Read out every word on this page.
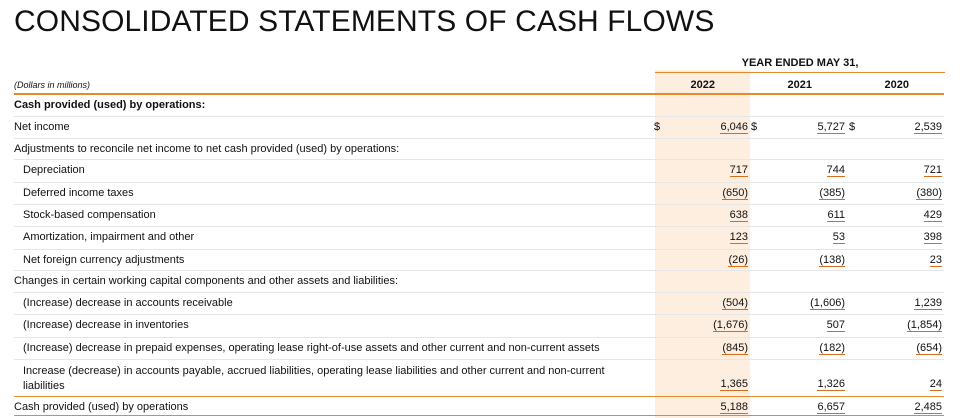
CONSOLIDATED STATEMENTS OF CASH FLOWS
YEAR ENDED MAY 31,
2022	2021	2020
(Dollars in millions)
Cash provided (used) by operations:
Net income	$	6,046 $	5,727 $	2,539
Adjustments to reconcile net income to net cash provided (used) by operations:
Depreciation	717	744	721
Deferred income taxes	(650)	(385)	(380)
Stock-based compensation	638	611	429
Amortization, impairment and other	123	53	398
Net foreign currency adjustments	(26)	(138)	23
Changes in certain working capital components and other assets and liabilities:
(Increase) decrease in accounts receivable	(504)	(1,606)	1,239
(Increase) decrease in inventories	(1,676)	507	(1,854)
(Increase) decrease in prepaid expenses, operating lease right-of-use assets and other current and non-current assets	(845)	(182)	(654)
Increase (decrease) in accounts payable, accrued liabilities, operating lease liabilities and other current and non-current liabilities	1,365	1,326	24
Cash provided (used) by operations	5,188	6,657	2,485
